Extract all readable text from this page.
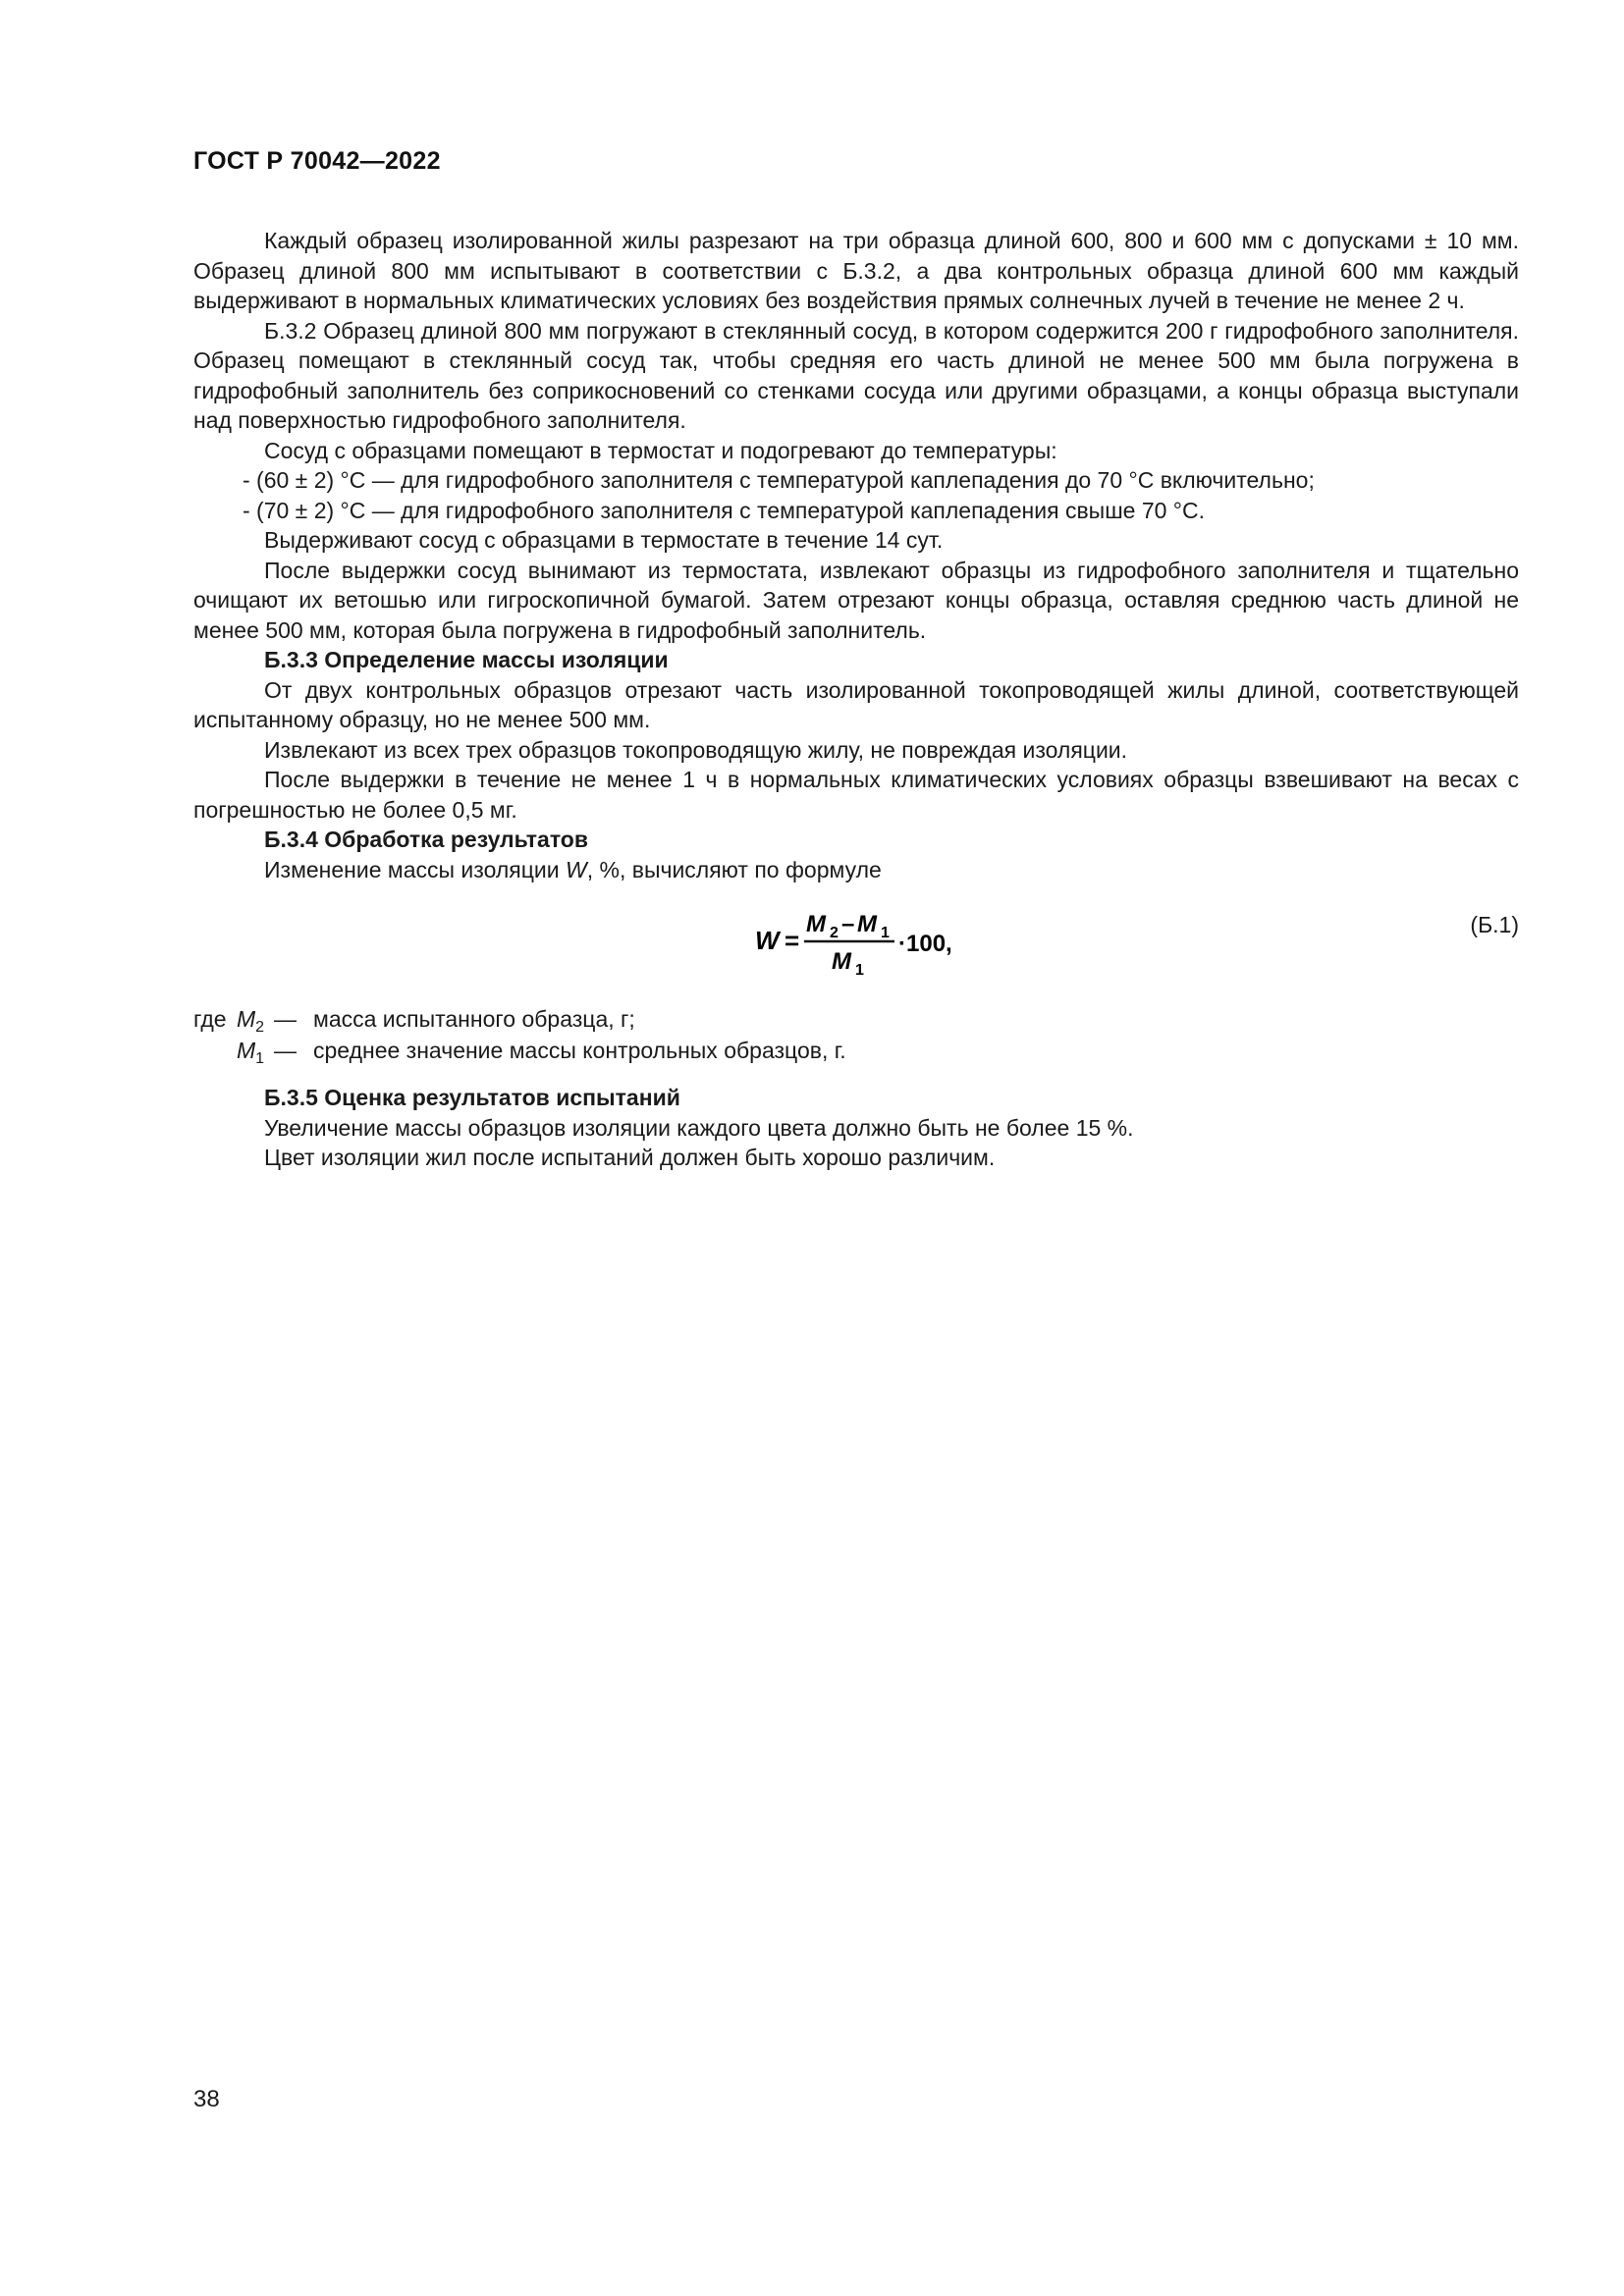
ГОСТ Р 70042—2022

Каждый образец изолированной жилы разрезают на три образца длиной 600, 800 и 600 мм с допусками ± 10 мм. Образец длиной 800 мм испытывают в соответствии с Б.3.2, а два контрольных образца длиной 600 мм каждый выдерживают в нормальных климатических условиях без воздействия прямых солнечных лучей в течение не менее 2 ч.

Б.3.2 Образец длиной 800 мм погружают в стеклянный сосуд, в котором содержится 200 г гидрофобного заполнителя. Образец помещают в стеклянный сосуд так, чтобы средняя его часть длиной не менее 500 мм была погружена в гидрофобный заполнитель без соприкосновений со стенками сосуда или другими образцами, а концы образца выступали над поверхностью гидрофобного заполнителя.

Сосуд с образцами помещают в термостат и подогревают до температуры:

- (60 ± 2) °С — для гидрофобного заполнителя с температурой каплепадения до 70 °С включительно;

- (70 ± 2) °С — для гидрофобного заполнителя с температурой каплепадения свыше 70 °С.

Выдерживают сосуд с образцами в термостате в течение 14 сут.

После выдержки сосуд вынимают из термостата, извлекают образцы из гидрофобного заполнителя и тщательно очищают их ветошью или гигроскопичной бумагой. Затем отрезают концы образца, оставляя среднюю часть длиной не менее 500 мм, которая была погружена в гидрофобный заполнитель.

Б.3.3 Определение массы изоляции

От двух контрольных образцов отрезают часть изолированной токопроводящей жилы длиной, соответствующей испытанному образцу, но не менее 500 мм.

Извлекают из всех трех образцов токопроводящую жилу, не повреждая изоляции.

После выдержки в течение не менее 1 ч в нормальных климатических условиях образцы взвешивают на весах с погрешностью не более 0,5 мг.

Б.3.4 Обработка результатов

Изменение массы изоляции W, %, вычисляют по формуле

W =
M 2 – M 1
M 1
·100,
(Б.1)
где $M_2$ — масса испытанного образца, г;
$M_1$ — среднее значение массы контрольных образцов, г.
Б.3.5 Оценка результатов испытаний

Увеличение массы образцов изоляции каждого цвета должно быть не более 15 %.

Цвет изоляции жил после испытаний должен быть хорошо различим.

38
